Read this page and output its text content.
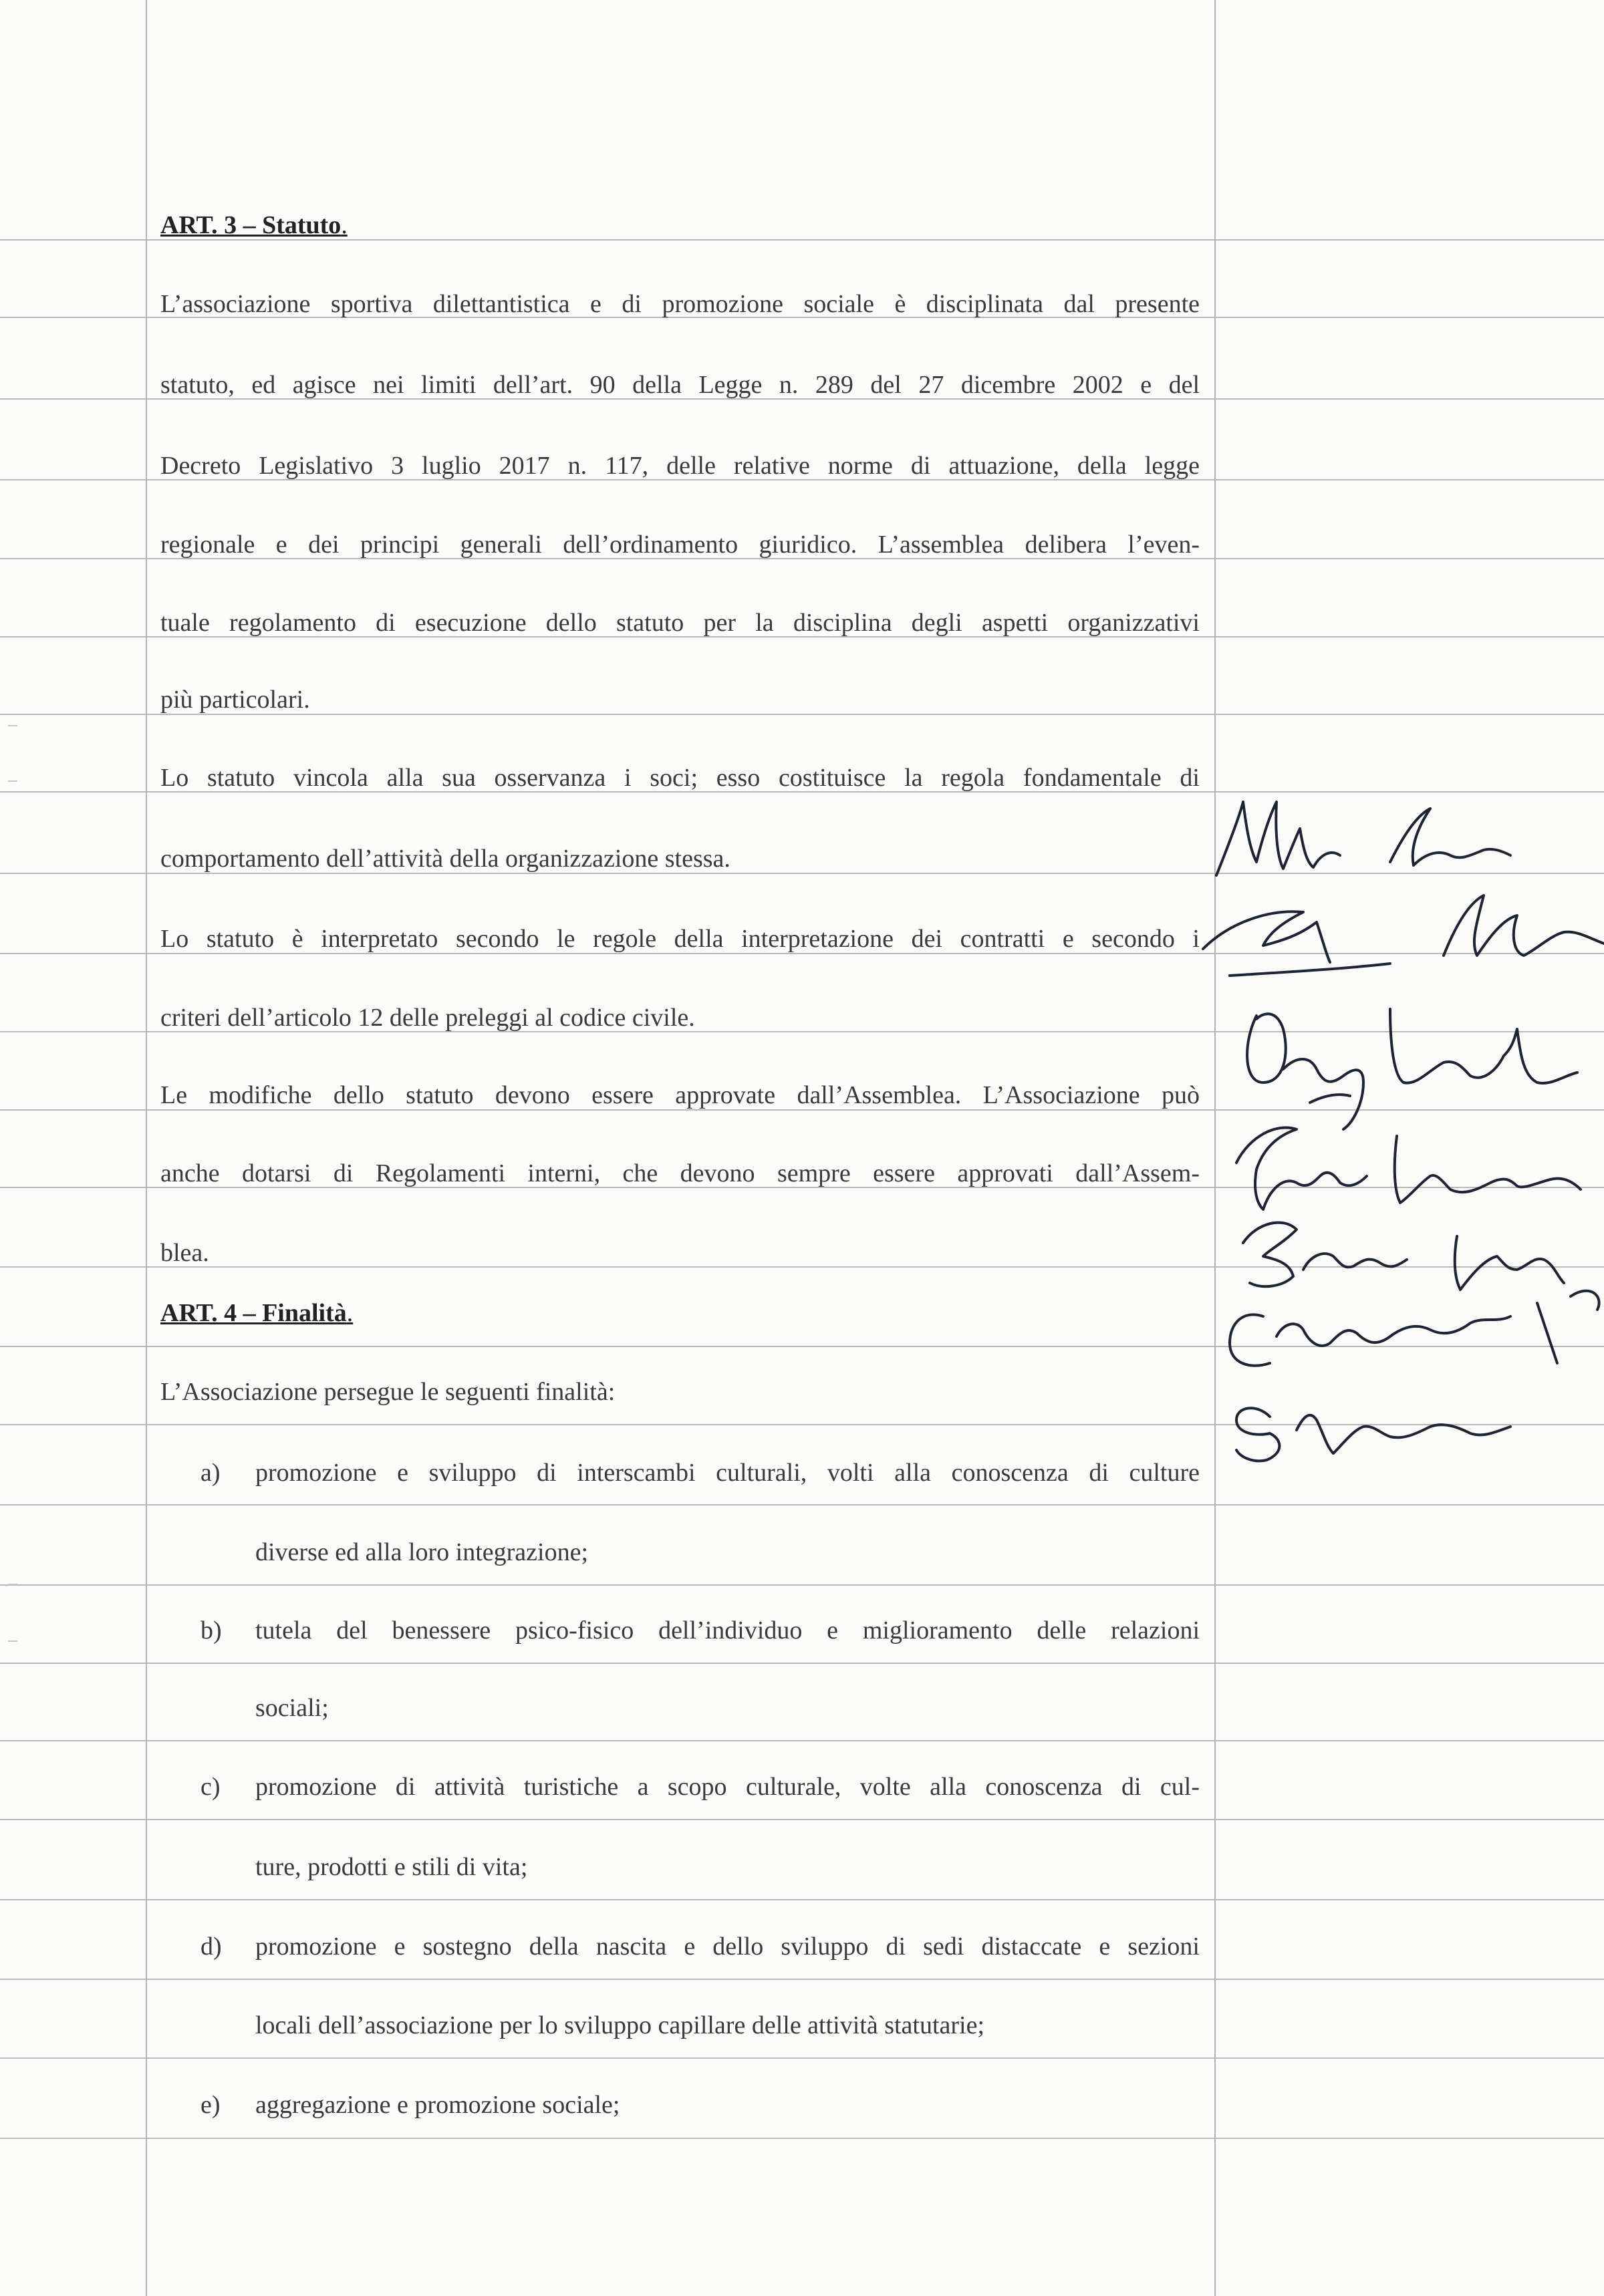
ART. 3 – Statuto.
L’associazione sportiva dilettantistica e di promozione sociale è disciplinata dal presente
statuto, ed agisce nei limiti dell’art. 90 della Legge n. 289 del 27 dicembre 2002 e del
Decreto Legislativo 3 luglio 2017 n. 117, delle relative norme di attuazione, della legge
regionale e dei principi generali dell’ordinamento giuridico. L’assemblea delibera l’even-
tuale regolamento di esecuzione dello statuto per la disciplina degli aspetti organizzativi
più particolari.
Lo statuto vincola alla sua osservanza i soci; esso costituisce la regola fondamentale di
comportamento dell’attività della organizzazione stessa.
Lo statuto è interpretato secondo le regole della interpretazione dei contratti e secondo i
criteri dell’articolo 12 delle preleggi al codice civile.
Le modifiche dello statuto devono essere approvate dall’Assemblea. L’Associazione può
anche dotarsi di Regolamenti interni, che devono sempre essere approvati dall’Assem-
blea.
ART. 4 – Finalità.
L’Associazione persegue le seguenti finalità:
a) promozione e sviluppo di interscambi culturali, volti alla conoscenza di culture
diverse ed alla loro integrazione;
b) tutela del benessere psico-fisico dell’individuo e miglioramento delle relazioni
sociali;
c) promozione di attività turistiche a scopo culturale, volte alla conoscenza di cul-
ture, prodotti e stili di vita;
d) promozione e sostegno della nascita e dello sviluppo di sedi distaccate e sezioni
locali dell’associazione per lo sviluppo capillare delle attività statutarie;
e) aggregazione e promozione sociale;
